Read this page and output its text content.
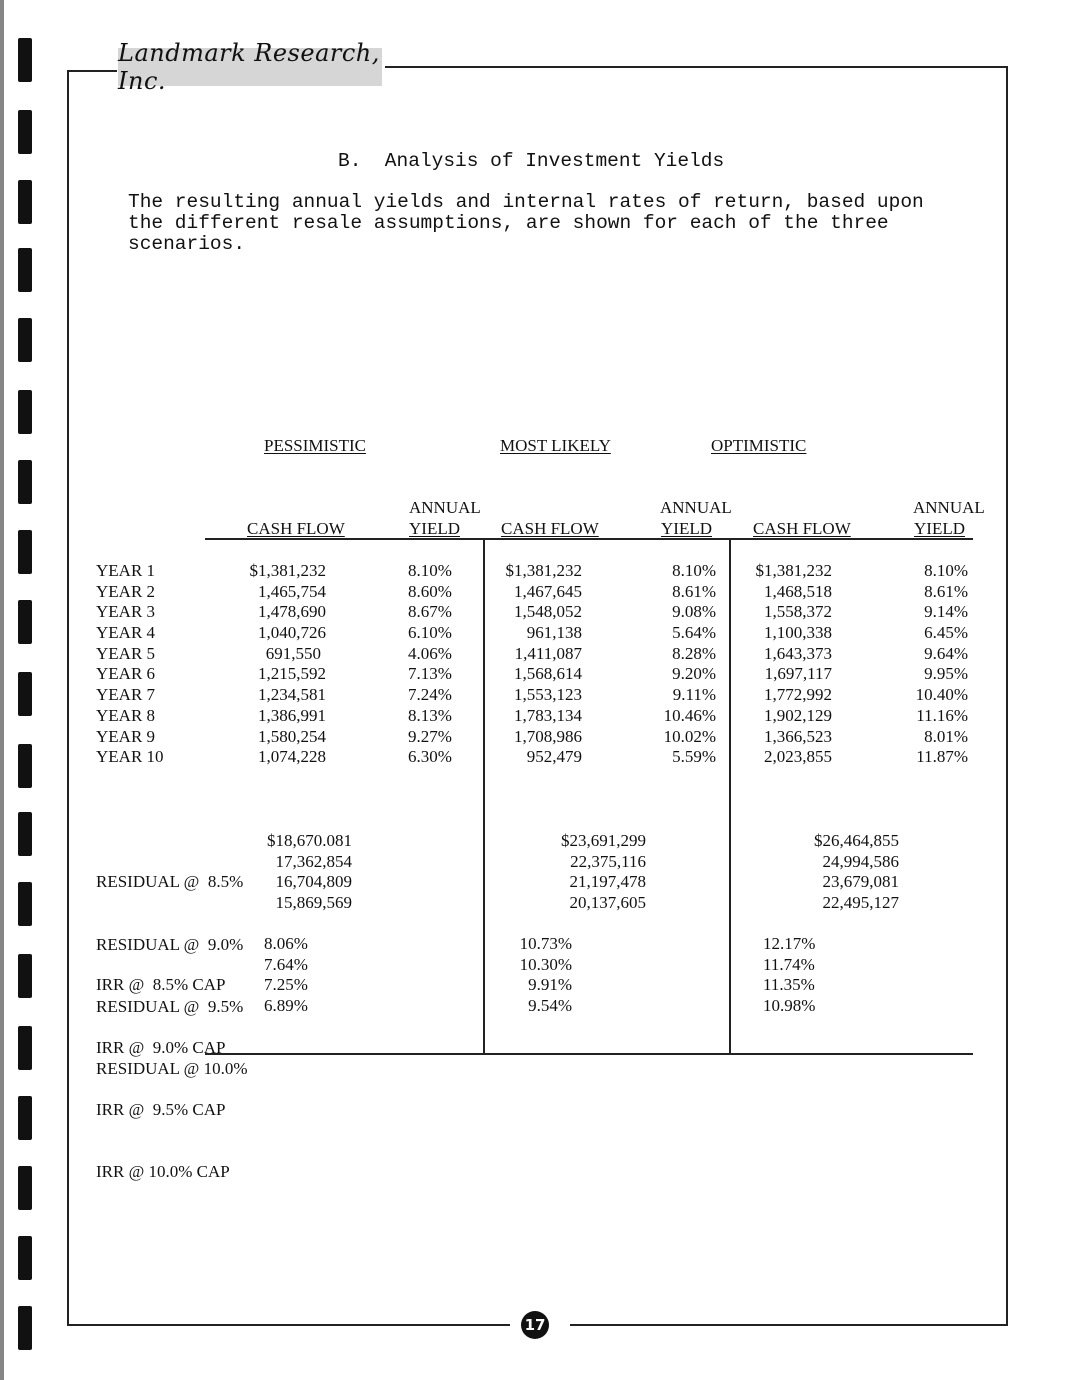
Landmark Research, Inc.
B.  Analysis of Investment Yields
The resulting annual yields and internal rates of return, based upon the different resale assumptions, are shown for each of the three scenarios.
PESSIMISTIC	MOST LIKELY	OPTIMISTIC
CASH FLOW
ANNUAL
YIELD CASH FLOW
ANNUAL
YIELD CASH FLOW
ANNUAL
YIELD
YEAR 1
YEAR 2
YEAR 3
YEAR 4
YEAR 5
YEAR 6
YEAR 7
YEAR 8
YEAR 9
YEAR 10
$1,381,232
1,465,754
1,478,690
1,040,726
691,550
1,215,592
1,234,581
1,386,991
1,580,254
1,074,228
8.10%
8.60%
8.67%
6.10%
4.06%
7.13%
7.24%
8.13%
9.27%
6.30%
$1,381,232
1,467,645
1,548,052
961,138
1,411,087
1,568,614
1,553,123
1,783,134
1,708,986
952,479
8.10%
8.61%
9.08%
5.64%
8.28%
9.20%
9.11%
10.46%
10.02%
5.59%
$1,381,232
1,468,518
1,558,372
1,100,338
1,643,373
1,697,117
1,772,992
1,902,129
1,366,523
2,023,855
8.10%
8.61%
9.14%
6.45%
9.64%
9.95%
10.40%
11.16%
8.01%
11.87%

RESIDUAL @  8.5%

RESIDUAL @  9.0%

RESIDUAL @  9.5%

RESIDUAL @ 10.0%

$18,670.081
17,362,854
16,704,809
15,869,569
$23,691,299
22,375,116
21,197,478
20,137,605
$26,464,855
24,994,586
23,679,081
22,495,127

IRR @  8.5% CAP

IRR @  9.0% CAP

IRR @  9.5% CAP

IRR @ 10.0% CAP

8.06%
7.64%
7.25%
6.89%
10.73%
10.30%
9.91%
9.54%
12.17%
11.74%
11.35%
10.98%
17
